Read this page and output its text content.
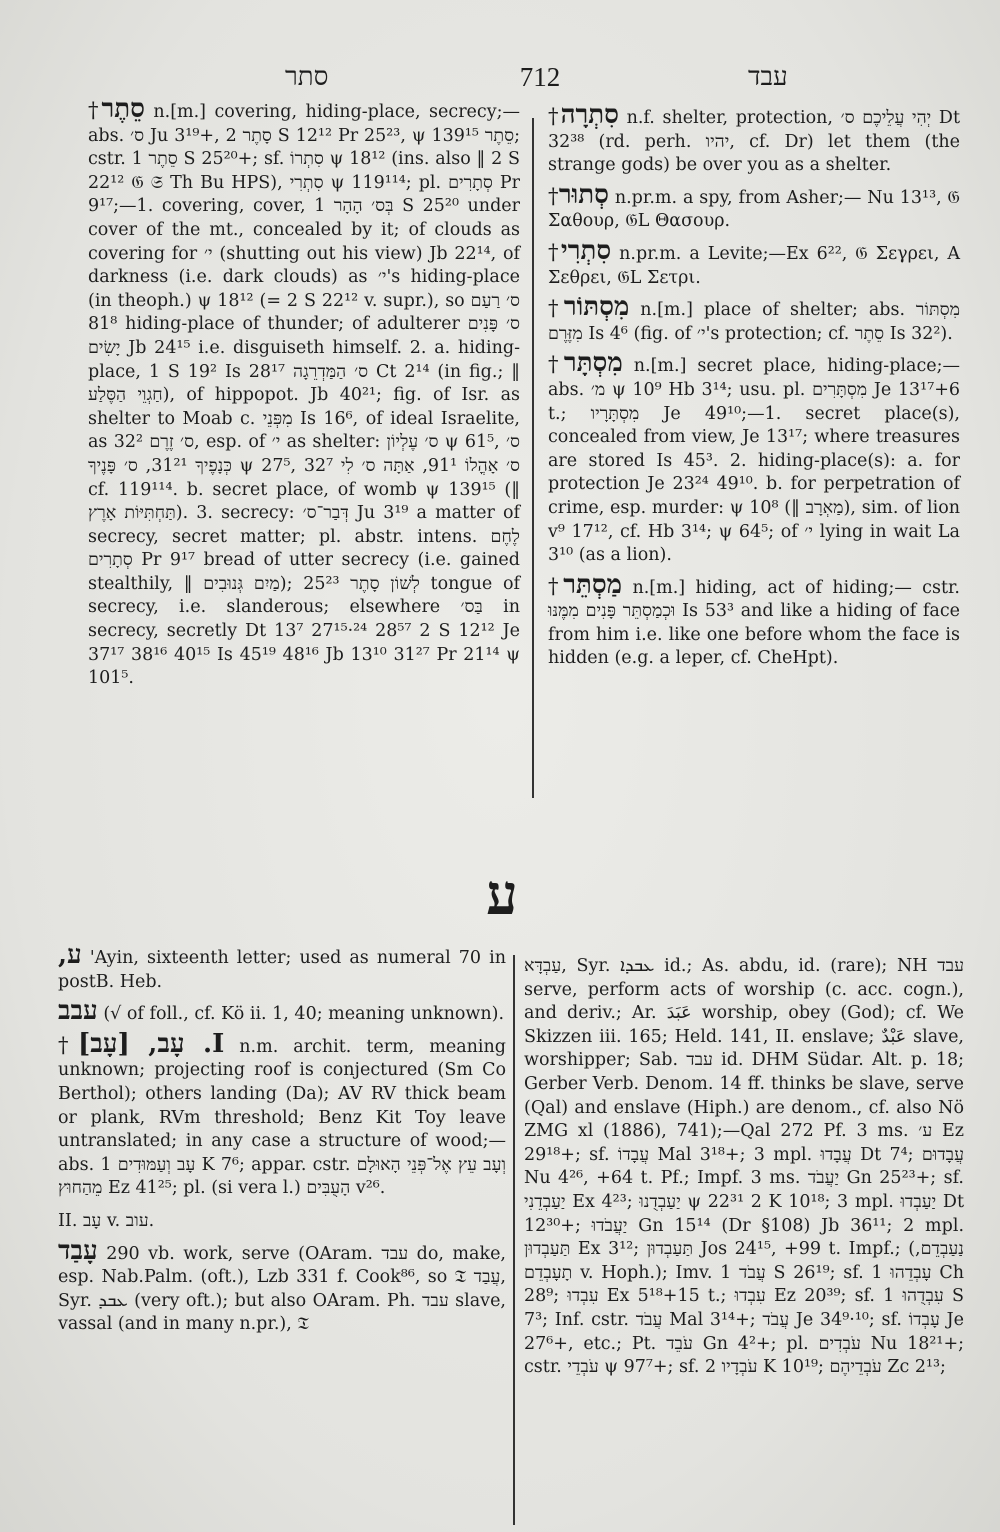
סתר	712	עבד

†סֵתֶר n.[m.] covering, hiding-place, secrecy;—abs. ס׳ Ju 3¹⁹+, סָתֶר 2 S 12¹² Pr 25²³, ψ סֵתֶר 139¹⁵; cstr. סֵתֶר 1 S 25²⁰+; sf. סִתְרוֹ ψ 18¹² (ins. also ‖ 2 S 22¹² 𝔊 𝔖 Th Bu HPS), סִתְרִי ψ 119¹¹⁴; pl. סְתָרִים Pr 9¹⁷;—1. covering, cover, בְּס׳ הָהָר 1 S 25²⁰ under cover of the mt., concealed by it; of clouds as covering for י׳ (shutting out his view) Jb 22¹⁴, of darkness (i.e. dark clouds) as י׳'s hiding-place (in theoph.) ψ 18¹² (= 2 S 22¹² v. supr.), so ס׳ רַעַם 81⁸ hiding-place of thunder; of adulterer ס׳ פָּנִים יָשִׂים Jb 24¹⁵ i.e. disguiseth himself. 2. a. hiding-place, 1 S 19² Is 28¹⁷ ס׳ הַמַּדְרֵגָה Ct 2¹⁴ (in fig.; ‖ חַגְוֵי הַסֶּלַע), of hippopot. Jb 40²¹; fig. of Isr. as shelter to Moab c. מִפְּנֵי Is 16⁶, of ideal Israelite, as ס׳ זֶרֶם 32², esp. of י׳ as shelter: ס׳ עֶלְיוֹן ψ 61⁵, ס׳ כְּנָפֶיךָ 31²¹, ס׳ פָּנֶיךָ ψ 27⁵, ס׳ אָהֳלוֹ 91¹, אַתָּה ס׳ לִי 32⁷ cf. 119¹¹⁴. b. secret place, of womb ψ 139¹⁵ (‖ תַּחְתִּיּוֹת אָרֶץ). 3. secrecy: דְּבַר־ס׳ Ju 3¹⁹ a matter of secrecy, secret matter; pl. abstr. intens. לֶחֶם סְתָרִים Pr 9¹⁷ bread of utter secrecy (i.e. gained stealthily, ‖ מַיִם גְּנוּבִים); לְשׁוֹן סָתֶר 25²³ tongue of secrecy, i.e. slanderous; elsewhere בַּס׳ in secrecy, secretly Dt 13⁷ 27¹⁵·²⁴ 28⁵⁷ 2 S 12¹² Je 37¹⁷ 38¹⁶ 40¹⁵ Is 45¹⁹ 48¹⁶ Jb 13¹⁰ 31²⁷ Pr 21¹⁴ ψ 101⁵.

†סִתְרָה n.f. shelter, protection, יְהִי עֲלֵיכֶם ס׳ Dt 32³⁸ (rd. perh. יהיו, cf. Dr) let them (the strange gods) be over you as a shelter.

†סְתוּר n.pr.m. a spy, from Asher;— Nu 13¹³, 𝔊 Σαθουρ, 𝔊L Θασουρ.

†סִתְרִי n.pr.m. a Levite;—Ex 6²², 𝔊 Σεγρει, A Σεθρει, 𝔊L Σετρι.

†מִסְתּוֹר n.[m.] place of shelter; abs. מִסְתּוֹר מִזֶּרֶם Is 4⁶ (fig. of י׳'s protection; cf. סֵתֶר Is 32²).

†מִסְתָּר n.[m.] secret place, hiding-place;—abs. מ׳ ψ 10⁹ Hb 3¹⁴; usu. pl. מִסְתָּרִים Je 13¹⁷+6 t.; מִסְתָּרָיו Je 49¹⁰;—1. secret place(s), concealed from view, Je 13¹⁷; where treasures are stored Is 45³. 2. hiding-place(s): a. for protection Je 23²⁴ 49¹⁰. b. for perpetration of crime, esp. murder: ψ 10⁸ (‖ מַאְרָב), sim. of lion v⁹ 17¹², cf. Hb 3¹⁴; ψ 64⁵; of י׳ lying in wait La 3¹⁰ (as a lion).

†מַסְתֵּר n.[m.] hiding, act of hiding;— cstr. וּכְמַסְתֵּר פָּנִים מִמֶּנּוּ Is 53³ and like a hiding of face from him i.e. like one before whom the face is hidden (e.g. a leper, cf. CheHpt).

ע

ע, 'Ayin, sixteenth letter; used as numeral 70 in postB. Heb.

עבב (√ of foll., cf. Kö ii. 1, 40; meaning unknown).

†I. עָב, [עָב] n.m. archit. term, meaning unknown; projecting roof is conjectured (Sm Co Berthol); others landing (Da); AV RV thick beam or plank, RVm threshold; Benz Kit Toy leave untranslated; in any case a structure of wood;—abs. עָב וְעַמּוּדִים 1 K 7⁶; appar. cstr. וְעָב עֵץ אֶל־פְּנֵי הָאוּלָם מֵהַחוּץ Ez 41²⁵; pl. (si vera l.) הָעֻבִּים v²⁶.

II. עָב v. עוב.

עָבַד 290 vb. work, serve (OAram. עבד do, make, esp. Nab.Palm. (oft.), Lzb 331 f. Cook⁸⁶, so 𝔗 עֲבַד, Syr. ܥܒܕ (very oft.); but also OAram. Ph. עבד slave, vassal (and in many n.pr.), 𝔗

עַבְדָּא, Syr. ܥܒܕܐ id.; As. abdu, id. (rare); NH עבד serve, perform acts of worship (c. acc. cogn.), and deriv.; Ar. عَبَدَ worship, obey (God); cf. We Skizzen iii. 165; Held. 141, II. enslave; عَبْدٌ slave, worshipper; Sab. עבד id. DHM Südar. Alt. p. 18; Gerber Verb. Denom. 14 ff. thinks be slave, serve (Qal) and enslave (Hiph.) are denom., cf. also Nö ZMG xl (1886), 741);—Qal 272 Pf. 3 ms. ע׳ Ez 29¹⁸+; sf. עֲבָדוֹ Mal 3¹⁸+; 3 mpl. עֲבָדוּ Dt 7⁴; עֲבָדוּם Nu 4²⁶, +64 t. Pf.; Impf. 3 ms. יַעֲבֹד Gn 25²³+; sf. יַעַבְדֵנִי Ex 4²³; יַעַבְדֻנוּ ψ 22³¹ 2 K 10¹⁸; 3 mpl. יַעַבְדוּ Dt 12³⁰+; יַעֲבֹדוּ Gn 15¹⁴ (Dr §108) Jb 36¹¹; 2 mpl. תַּעַבְדוּן Ex 3¹²; תַּעַבְדוּן Jos 24¹⁵, +99 t. Impf.; (נַעַבְדֵם, תָעָבְדֵם v. Hoph.); Imv. עֲבֹד 1 S 26¹⁹; sf. עָבְדֵהוּ 1 Ch 28⁹; עִבְדוּ Ex 5¹⁸+15 t.; עִבְדוּ Ez 20³⁹; sf. עִבְדֻהוּ 1 S 7³; Inf. cstr. עֲבֹד Mal 3¹⁴+; עֲבֹד Je 34⁹·¹⁰; sf. עָבְדוֹ Je 27⁶+, etc.; Pt. עֹבֵד Gn 4²+; pl. עֹבְדִים Nu 18²¹+; cstr. עֹבְדֵי ψ 97⁷+; sf. עֹבְדָיו 2 K 10¹⁹; עֹבְדֵיהֶם Zc 2¹³;
